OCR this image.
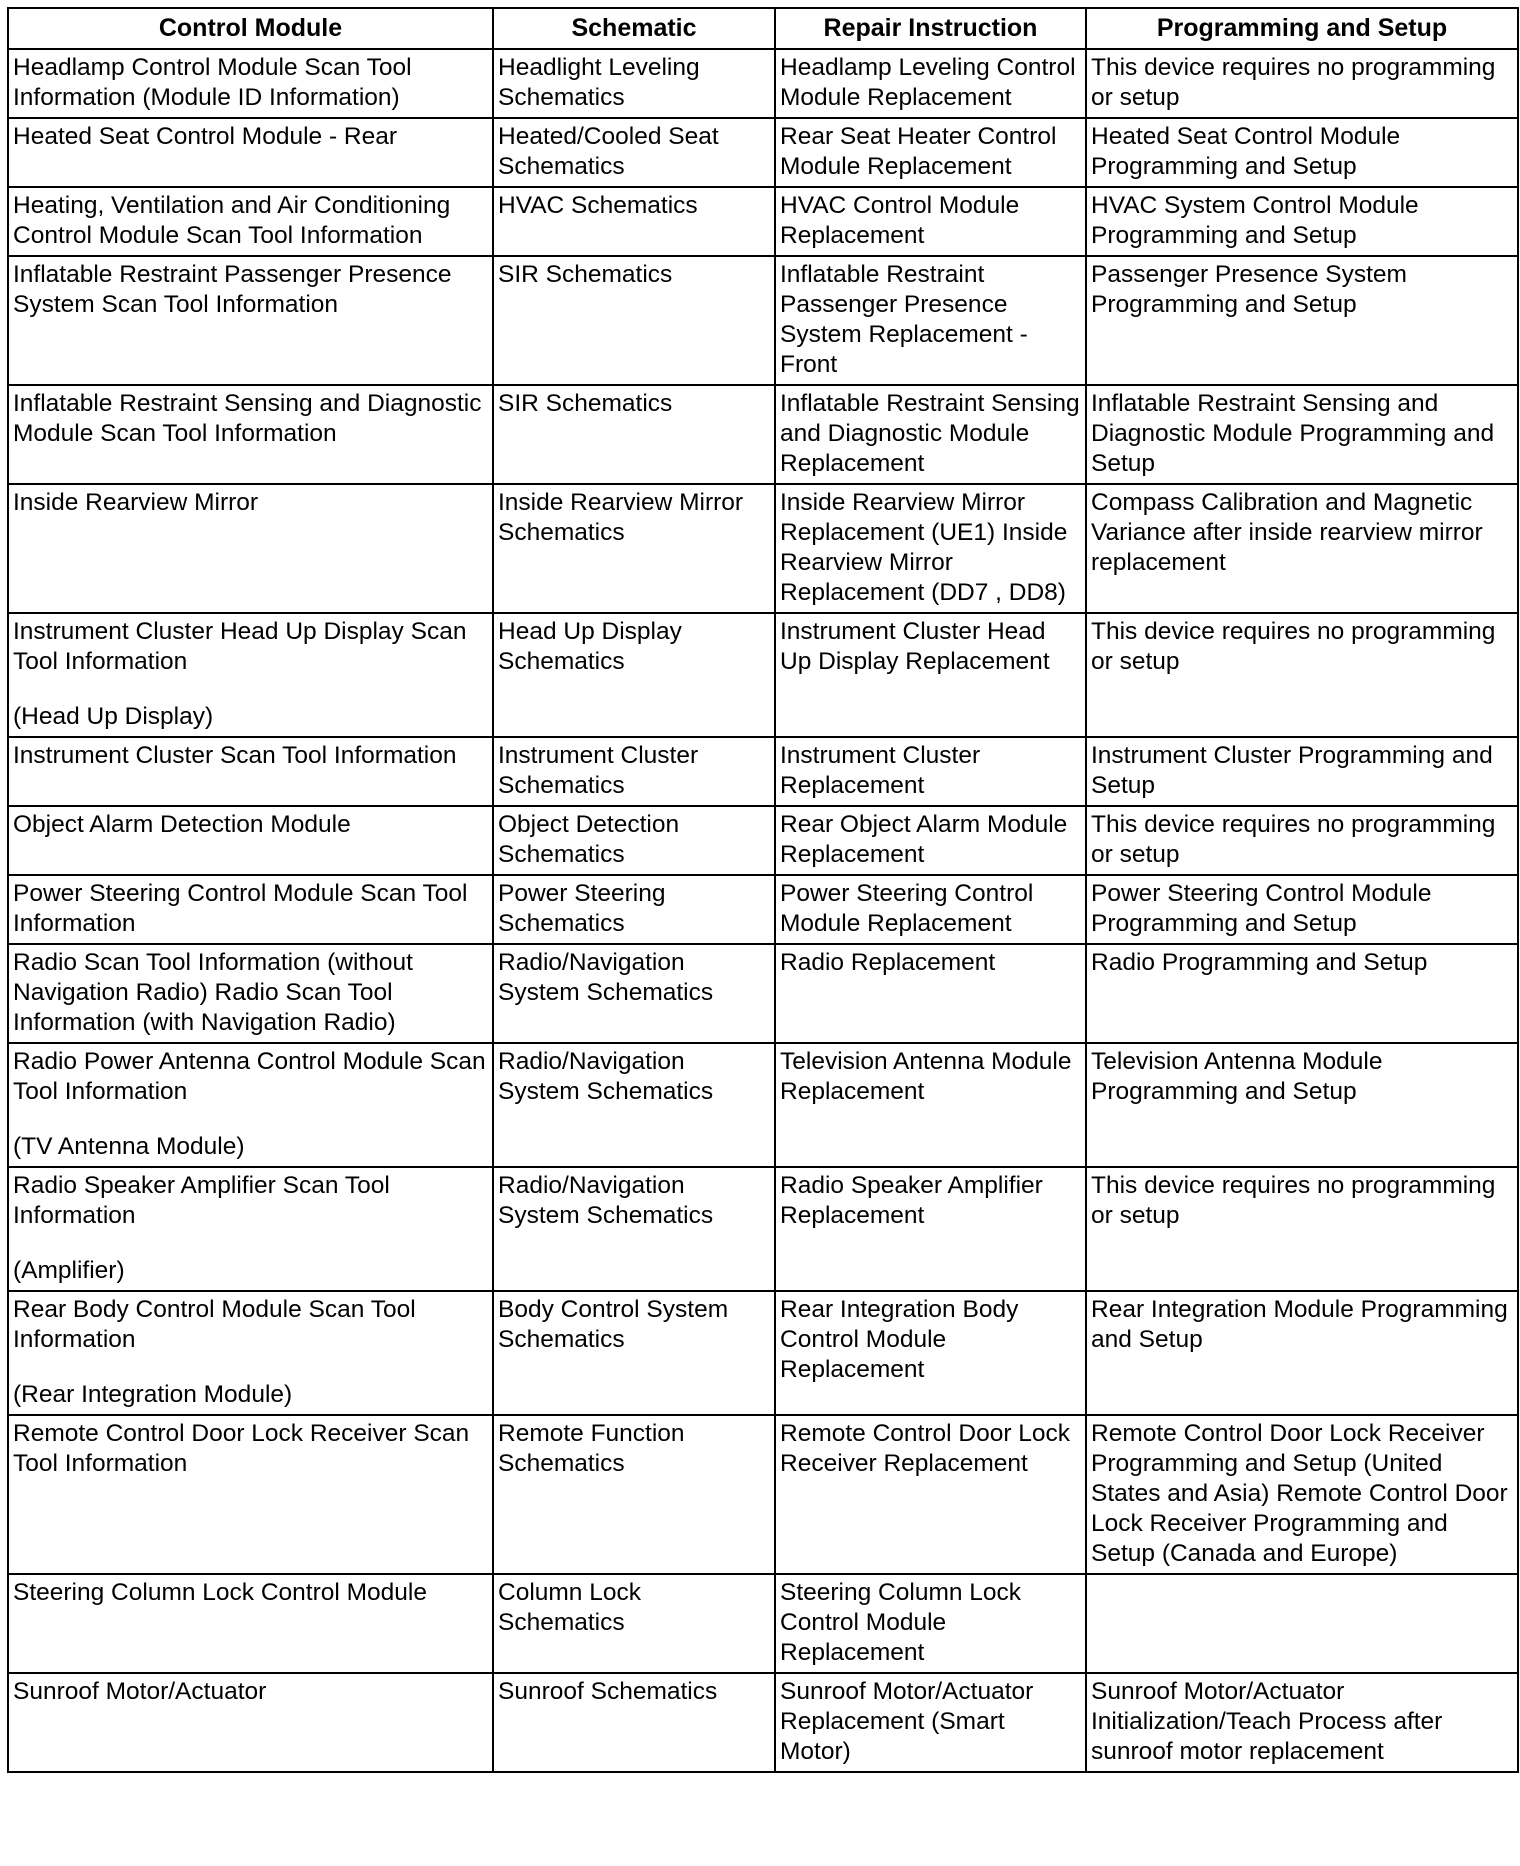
Control Module	Schematic	Repair Instruction	Programming and Setup

Headlamp Control Module Scan Tool Information (Module ID Information)	Headlight Leveling Schematics	Headlamp Leveling Control Module Replacement	This device requires no programming or setup

Heated Seat Control Module - Rear	Heated/Cooled Seat Schematics	Rear Seat Heater Control Module Replacement	Heated Seat Control Module Programming and Setup

Heating, Ventilation and Air Conditioning Control Module Scan Tool Information	HVAC Schematics	HVAC Control Module Replacement	HVAC System Control Module Programming and Setup

Inflatable Restraint Passenger Presence System Scan Tool Information	SIR Schematics	Inflatable Restraint Passenger Presence System Replacement - Front	Passenger Presence System Programming and Setup

Inflatable Restraint Sensing and Diagnostic Module Scan Tool Information	SIR Schematics	Inflatable Restraint Sensing and Diagnostic Module Replacement	Inflatable Restraint Sensing and Diagnostic Module Programming and Setup

Inside Rearview Mirror	Inside Rearview Mirror Schematics	Inside Rearview Mirror Replacement (UE1) Inside Rearview Mirror Replacement (DD7 , DD8)	Compass Calibration and Magnetic Variance after inside rearview mirror replacement

Instrument Cluster Head Up Display Scan Tool Information
(Head Up Display)	Head Up Display Schematics	Instrument Cluster Head Up Display Replacement	This device requires no programming or setup

Instrument Cluster Scan Tool Information	Instrument Cluster Schematics	Instrument Cluster Replacement	Instrument Cluster Programming and Setup

Object Alarm Detection Module	Object Detection Schematics	Rear Object Alarm Module Replacement	This device requires no programming or setup

Power Steering Control Module Scan Tool Information	Power Steering Schematics	Power Steering Control Module Replacement	Power Steering Control Module Programming and Setup

Radio Scan Tool Information (without Navigation Radio) Radio Scan Tool Information (with Navigation Radio)	Radio/Navigation System Schematics	Radio Replacement	Radio Programming and Setup

Radio Power Antenna Control Module Scan Tool Information
(TV Antenna Module)	Radio/Navigation System Schematics	Television Antenna Module Replacement	Television Antenna Module Programming and Setup

Radio Speaker Amplifier Scan Tool Information
(Amplifier)	Radio/Navigation System Schematics	Radio Speaker Amplifier Replacement	This device requires no programming or setup

Rear Body Control Module Scan Tool Information
(Rear Integration Module)	Body Control System Schematics	Rear Integration Body Control Module Replacement	Rear Integration Module Programming and Setup

Remote Control Door Lock Receiver Scan Tool Information	Remote Function Schematics	Remote Control Door Lock Receiver Replacement	Remote Control Door Lock Receiver Programming and Setup (United States and Asia) Remote Control Door Lock Receiver Programming and Setup (Canada and Europe)

Steering Column Lock Control Module	Column Lock Schematics	Steering Column Lock Control Module Replacement	

Sunroof Motor/Actuator	Sunroof Schematics	Sunroof Motor/Actuator Replacement (Smart Motor)	Sunroof Motor/Actuator Initialization/Teach Process after sunroof motor replacement
